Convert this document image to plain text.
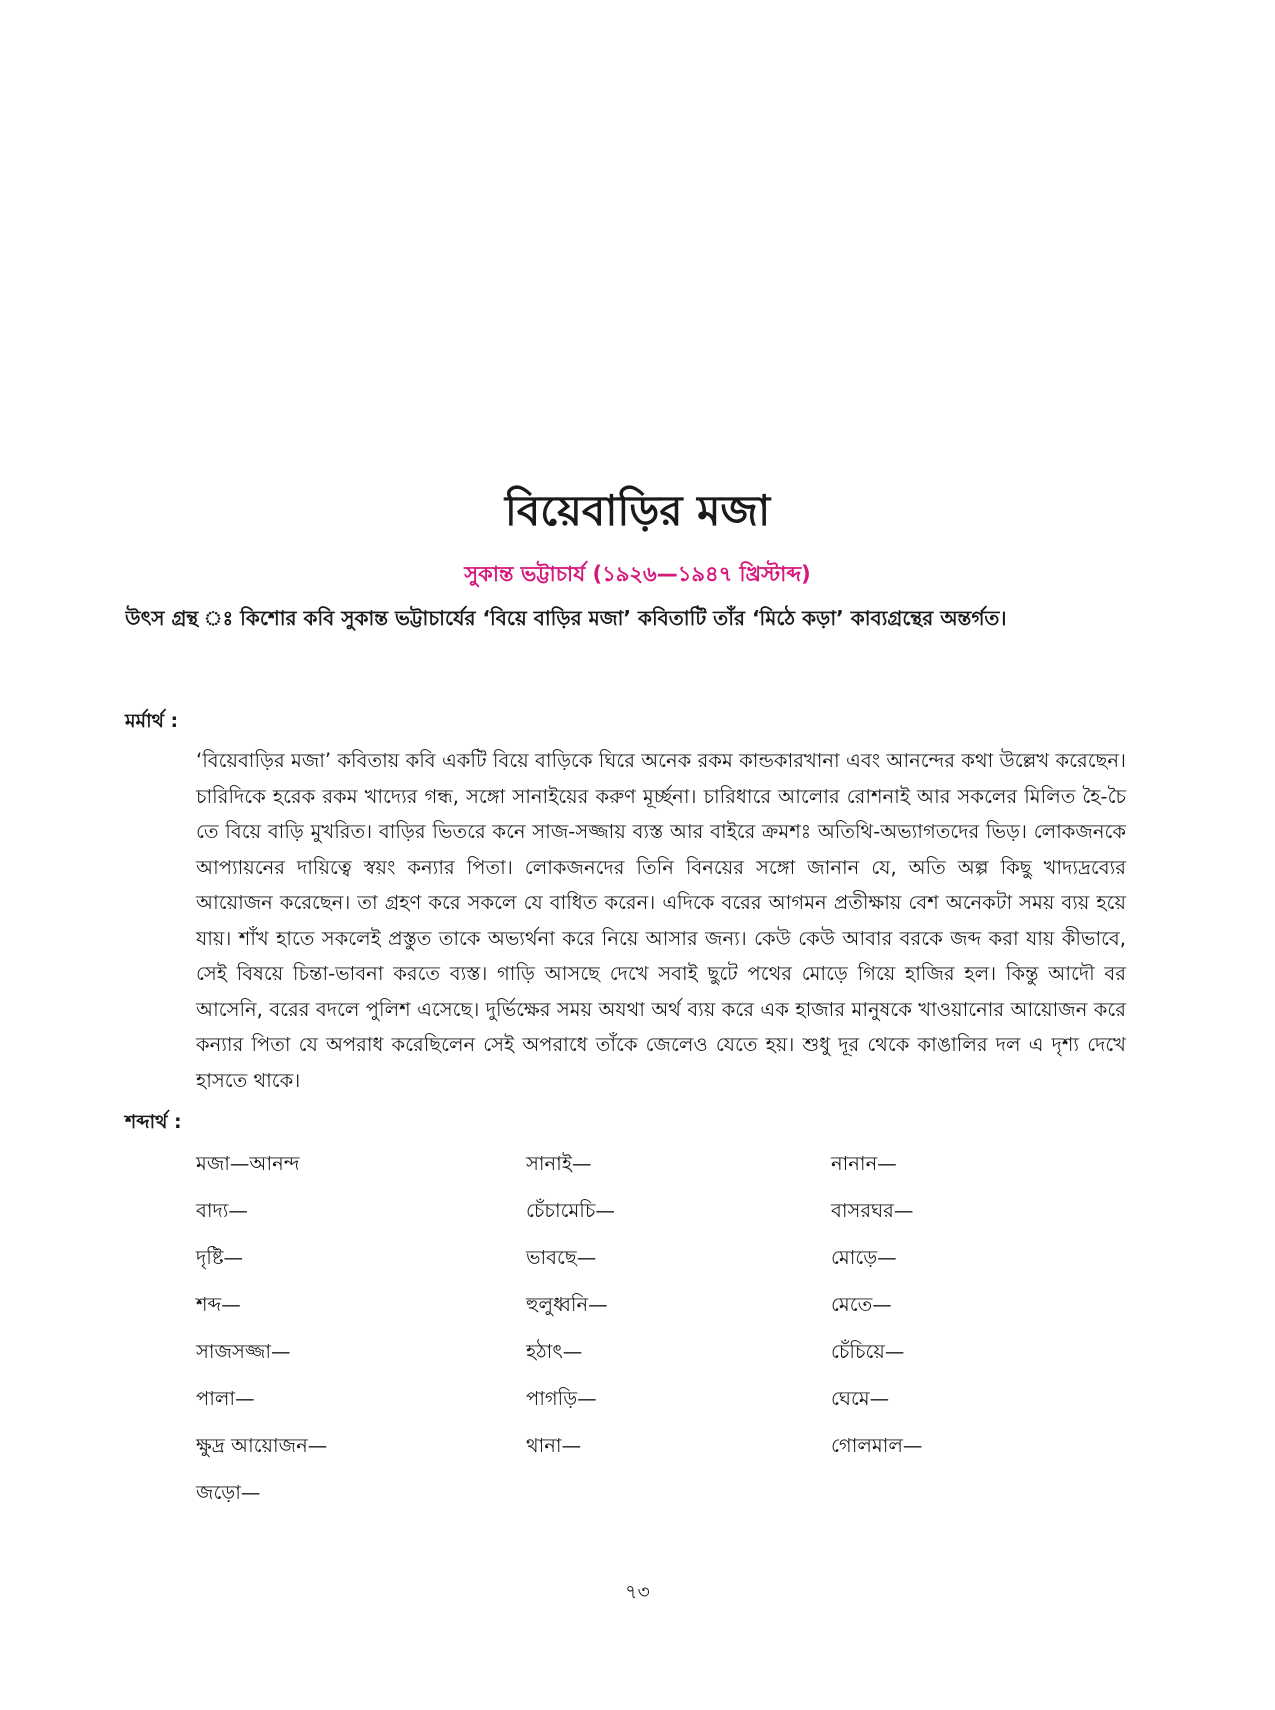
বিয়েবাড়ির মজা
সুকান্ত ভট্টাচার্য (১৯২৬—১৯৪৭ খ্রিস্টাব্দ)
উৎস গ্রন্থ ঃ কিশোর কবি সুকান্ত ভট্টাচার্যের ‘বিয়ে বাড়ির মজা’ কবিতাটি তাঁর ‘মিঠে কড়া’ কাব্যগ্রন্থের অন্তর্গত।
মর্মার্থ :

‘বিয়েবাড়ির মজা’ কবিতায় কবি একটি বিয়ে বাড়িকে ঘিরে অনেক রকম কান্ডকারখানা এবং আনন্দের কথা উল্লেখ করেছেন। চারিদিকে হরেক রকম খাদ্যের গন্ধ, সঙ্গো সানাইয়ের করুণ মূর্চ্ছনা। চারিধারে আলোর রোশনাই আর সকলের মিলিত হৈ-চৈ তে বিয়ে বাড়ি মুখরিত। বাড়ির ভিতরে কনে সাজ-সজ্জায় ব্যস্ত আর বাইরে ক্রমশঃ অতিথি-অভ্যাগতদের ভিড়। লোকজনকে আপ্যায়নের দায়িত্বে স্বয়ং কন্যার পিতা। লোকজনদের তিনি বিনয়ের সঙ্গো জানান যে, অতি অল্প কিছু খাদ্যদ্রব্যের আয়োজন করেছেন। তা গ্রহণ করে সকলে যে বাধিত করেন। এদিকে বরের আগমন প্রতীক্ষায় বেশ অনেকটা সময় ব্যয় হয়ে যায়। শাঁখ হাতে সকলেই প্রস্তুত তাকে অভ্যর্থনা করে নিয়ে আসার জন্য। কেউ কেউ আবার বরকে জব্দ করা যায় কীভাবে, সেই বিষয়ে চিন্তা-ভাবনা করতে ব্যস্ত। গাড়ি আসছে দেখে সবাই ছুটে পথের মোড়ে গিয়ে হাজির হল। কিন্তু আদৌ বর আসেনি, বরের বদলে পুলিশ এসেছে। দুর্ভিক্ষের সময় অযথা অর্থ ব্যয় করে এক হাজার মানুষকে খাওয়ানোর আয়োজন করে কন্যার পিতা যে অপরাধ করেছিলেন সেই অপরাধে তাঁকে জেলেও যেতে হয়। শুধু দূর থেকে কাঙালির দল এ দৃশ্য দেখে হাসতে থাকে।

শব্দার্থ :
মজা—আনন্দ	সানাই—	নানান—
বাদ্য—	চেঁচামেচি—	বাসরঘর—
দৃষ্টি—	ভাবছে—	মোড়ে—
শব্দ—	হুলুধ্বনি—	মেতে—
সাজসজ্জা—	হঠাৎ—	চেঁচিয়ে—
পালা—	পাগড়ি—	ঘেমে—
ক্ষুদ্র আয়োজন—	থানা—	গোলমাল—
জড়ো—
৭৩
